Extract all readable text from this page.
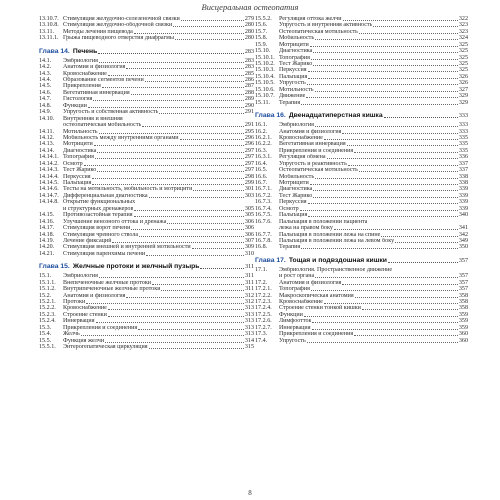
Висцеральная остеопатия
13.10.7. Стимуляция желудочно-селезеночной связки	279
13.10.8. Стимуляция желудочно-ободочной связки	280
13.11.	Методы лечения пищевода	280
13.11.1. Грыжа пищеводного отверстия диафрагмы	280
Глава 14. Печень	283
14.1.	Эмбриология	283
14.2.	Анатомия и физиология	283
14.3.	Кровоснабжение	285
14.4.	Образование сегментов печени	286
14.5.	Прикрепления	287
14.6.	Вегетативная иннервация	288
14.7.	Гистология	289
14.8.	Функции	290
14.9.	Упругость и собственная активность	291
14.10.	Внутренняя и внешняя
остеопатическая мобильность	291
14.11.	Мотильность	295
14.12.	Мобильность между внутренними органами	296
14.13.	Мотрицити	296
14.14.	Диагностика	297
14.14.1. Топография	297
14.14.2. Осмотр	297
14.14.3. Тест Жарико	297
14.14.4. Перкуссия	298
14.14.5. Пальпация	299
14.14.6. Тесты на мотильность, мобильность и мотрицити	301
14.14.7. Дифференциальная диагностика	303
14.14.8. Открытие функциональных
и структурных дренажеров	305
14.15.	Противозастойная терапия	305
14.16.	Улучшение венозного оттока и дренажа	306
14.17.	Стимуляция ворот печени	306
14.18.	Стимуляция чревного ствола	306
14.19.	Лечение фиксаций	307
14.20.	Стимуляция внешней и внутренней мотильности	309
14.21.	Стимуляция паренхимы печени	310
Глава 15. Желчные протоки и желчный пузырь	311
15.1.	Эмбриология	311
15.1.1.	Внепеченочные желчные протоки	311
15.1.2.	Внутрипеченочные желчные протоки	311
15.2.	Анатомия и физиология	312
15.2.1.	Протоки	312
15.2.2.	Кровоснабжение	313
15.2.3.	Строение стенки	313
15.2.4.	Иннервация	313
15.3.	Прикрепления и соединения	313
15.4.	Желчь	313
15.5.	Функция желчи	314
15.5.1.	Энтерогепатическая циркуляция	315
15.5.2.	Регуляция оттока желчи	322
15.6.	Упругость и внутренняя активность	323
15.7.	Остеопатическая мотильность	323
15.8.	Мобильность	324
15.9.	Мотрицити	325
15.10.	Диагностика	325
15.10.1. Топография	325
15.10.2. Тест Жарико	325
15.10.3. Перкуссия	325
15.10.4. Пальпация	326
15.10.5. Упругость	326
15.10.6. Мотильность	327
15.10.7. Движение	329
15.11.	Терапия	329
Глава 16. Двенадцатиперстная кишка	333
16.1.	Эмбриология	333
16.2.	Анатомия и физиология	333
16.2.1.	Кровоснабжение	335
16.2.2.	Вегетативная иннервация	335
16.3.	Прикрепления и соединения	335
16.3.1.	Регуляция обмена	336
16.4.	Упругость и реактивность	337
16.5.	Остеопатическая мотильность	337
16.6.	Мобильность	338
16.7.	Мотрицити	338
16.7.1.	Диагностика	339
16.7.2.	Тест Жарико	339
16.7.3.	Перкуссия	339
16.7.4.	Осмотр	339
16.7.5.	Пальпация	340
16.7.6.	Пальпация в положении пациента
лежа на правом боку	341
16.7.7.	Пальпация в положении лежа на спине	342
16.7.8.	Пальпация в положении лежа на левом боку	349
16.8.	Терапия	350
Глава 17. Тощая и подвздошная кишки	357
17.1.	Эмбриология. Пространственное движение
и рост органа	357
17.2.	Анатомия и физиология	357
17.2.1.	Топография	357
17.2.2.	Макроскопическая анатомия	358
17.2.3.	Кровоснабжение	358
17.2.4.	Строение стенки тонкой кишки	358
17.2.5.	Функции	359
17.2.6.	Лимфоотток	359
17.2.7.	Иннервация	359
17.3.	Прикрепления и соединения	360
17.4.	Упругость	360
8
